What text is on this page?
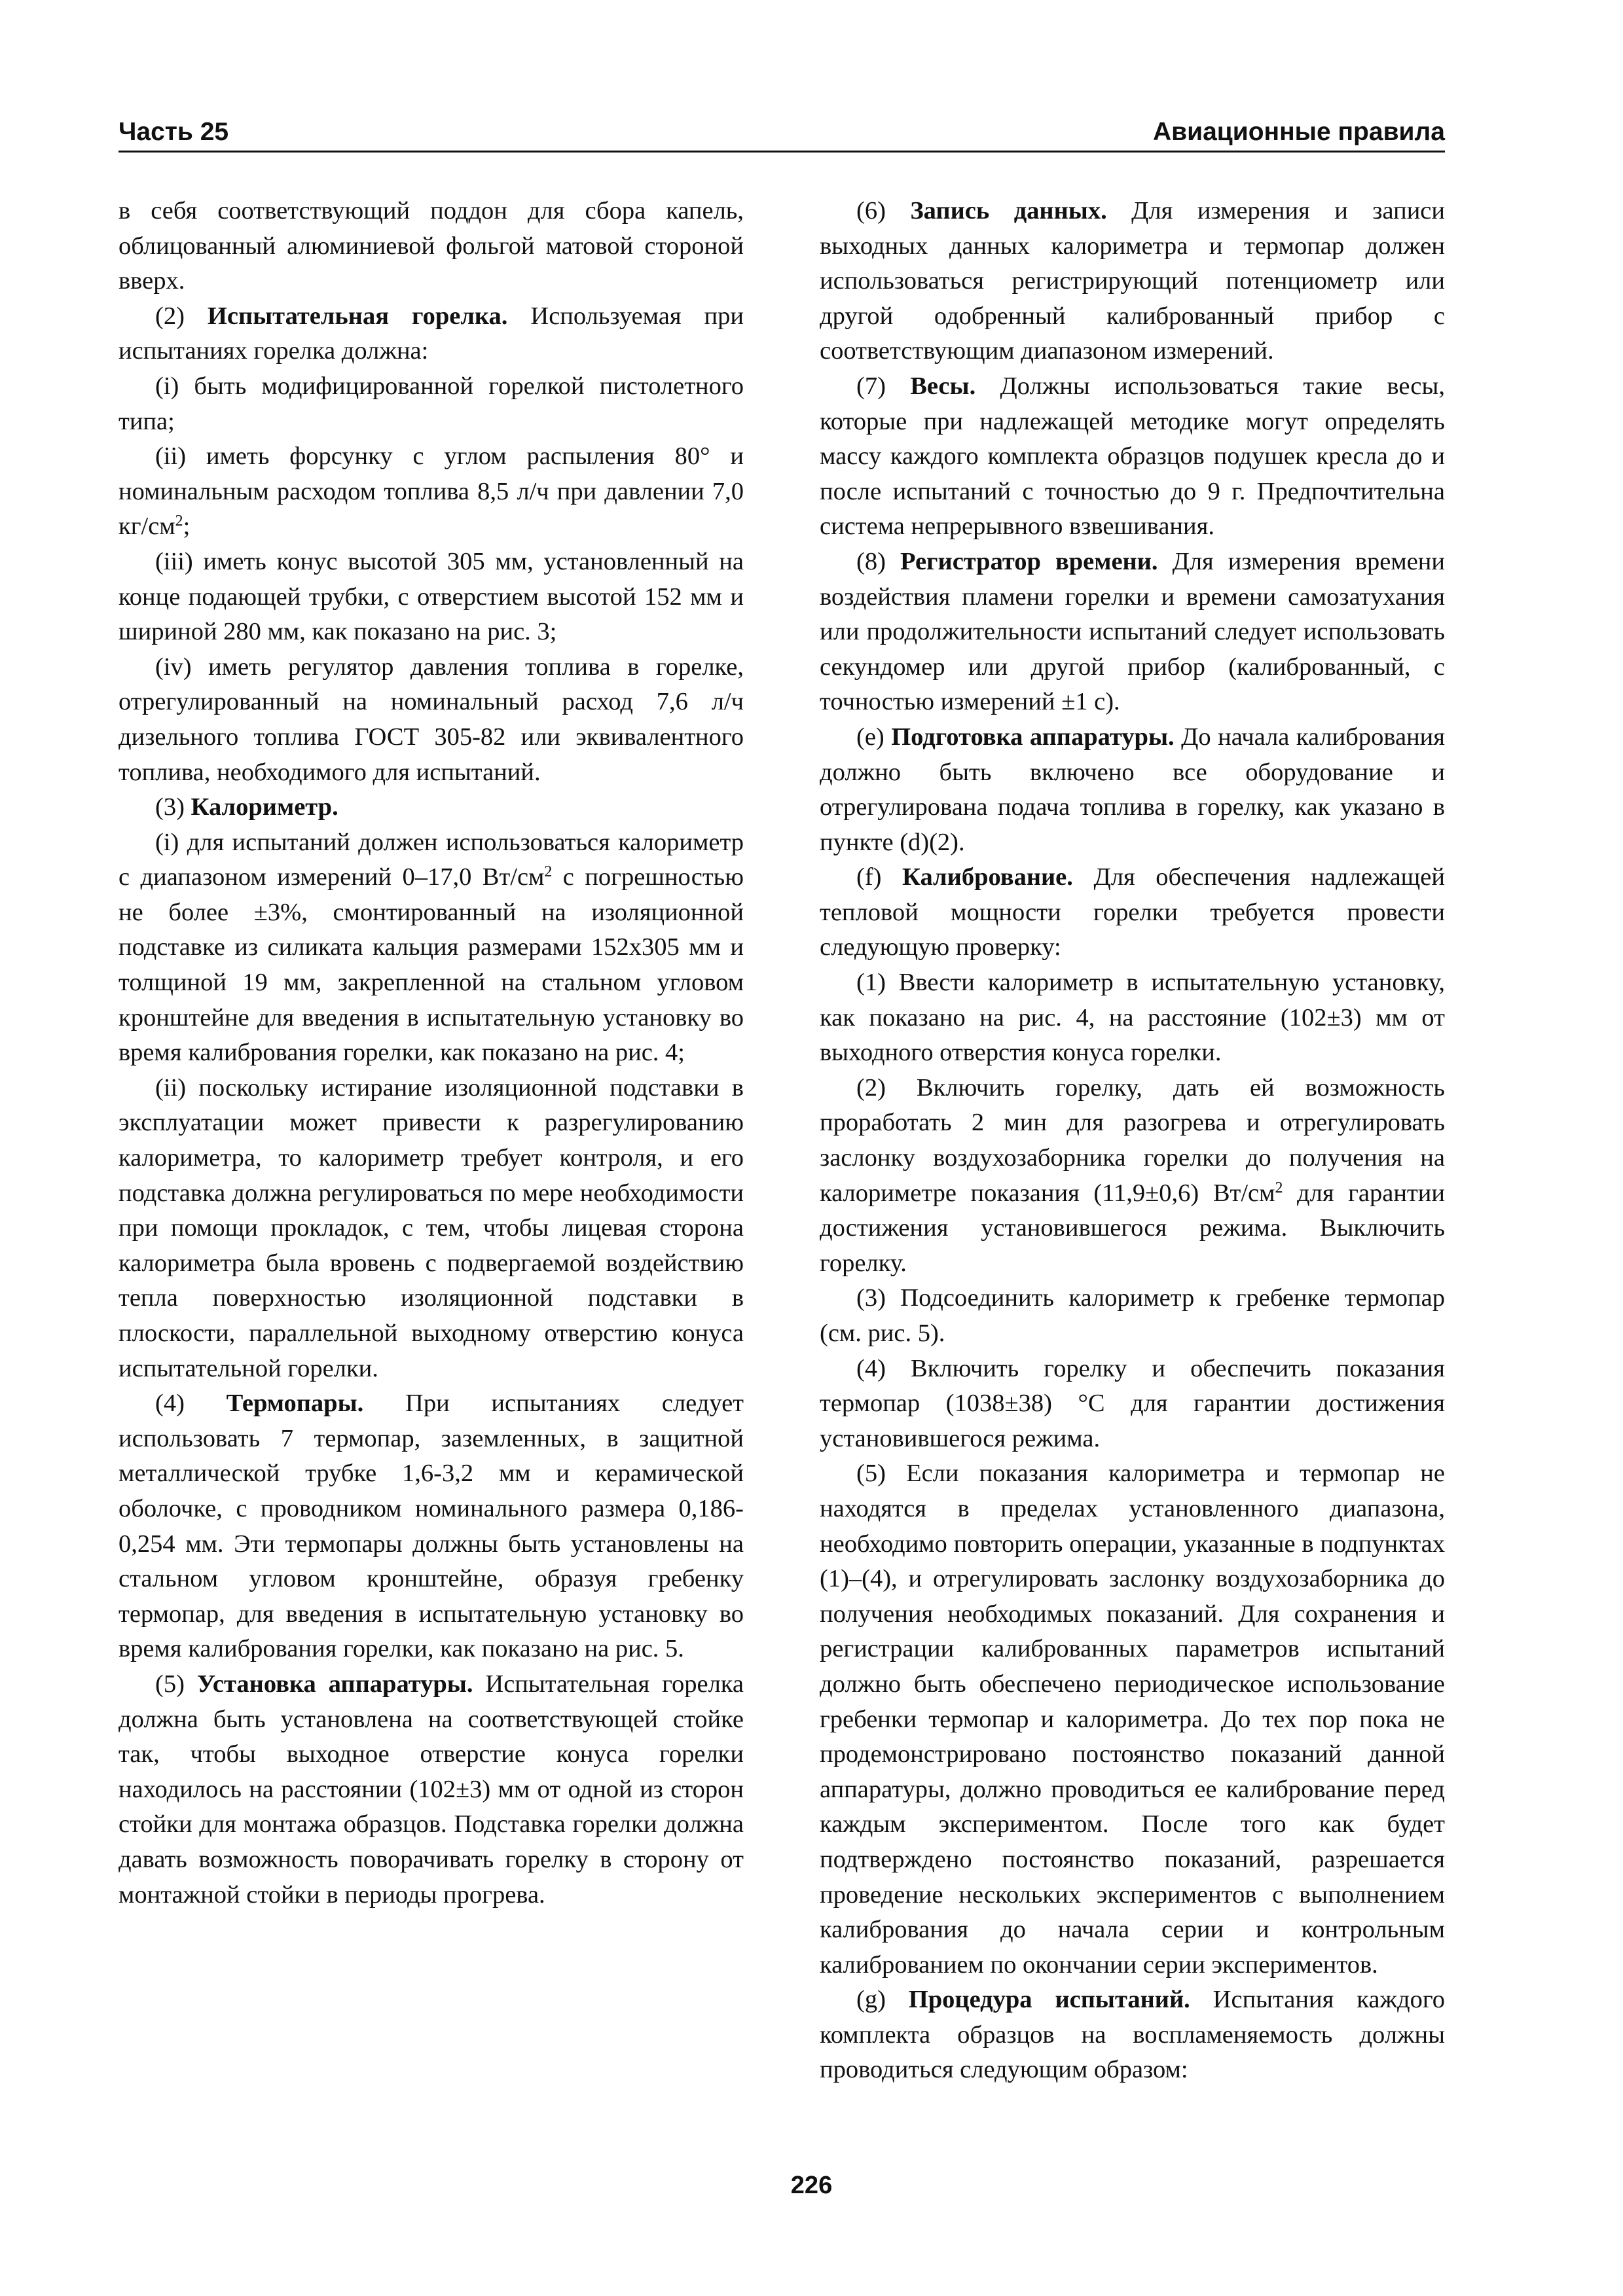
Часть 25	Авиационные правила

в себя соответствующий поддон для сбора капель, облицованный алюминиевой фольгой матовой стороной вверх.

(2) Испытательная горелка. Используемая при испытаниях горелка должна:

(i) быть модифицированной горелкой пистолетного типа;

(ii) иметь форсунку с углом распыления 80° и номинальным расходом топлива 8,5 л/ч при давлении 7,0 $кг/см^2$;

(iii) иметь конус высотой 305 мм, установленный на конце подающей трубки, с отверстием высотой 152 мм и шириной 280 мм, как показано на рис. 3;

(iv) иметь регулятор давления топлива в горелке, отрегулированный на номинальный расход 7,6 л/ч дизельного топлива ГОСТ 305-82 или эквивалентного топлива, необходимого для испытаний.

(3) Калориметр.

(i) для испытаний должен использоваться калориметр с диапазоном измерений 0–17,0 $Вт/см^2$ с погрешностью не более ±3%, смонтированный на изоляционной подставке из силиката кальция размерами 152х305 мм и толщиной 19 мм, закрепленной на стальном угловом кронштейне для введения в испытательную установку во время калибрования горелки, как показано на рис. 4;

(ii) поскольку истирание изоляционной подставки в эксплуатации может привести к разрегулированию калориметра, то калориметр требует контроля, и его подставка должна регулироваться по мере необходимости при помощи прокладок, с тем, чтобы лицевая сторона калориметра была вровень с подвергаемой воздействию тепла поверхностью изоляционной подставки в плоскости, параллельной выходному отверстию конуса испытательной горелки.

(4) Термопары. При испытаниях следует использовать 7 термопар, заземленных, в защитной металлической трубке 1,6-3,2 мм и керамической оболочке, с проводником номинального размера 0,186-0,254 мм. Эти термопары должны быть установлены на стальном угловом кронштейне, образуя гребенку термопар, для введения в испытательную установку во время калибрования горелки, как показано на рис. 5.

(5) Установка аппаратуры. Испытательная горелка должна быть установлена на соответствующей стойке так, чтобы выходное отверстие конуса горелки находилось на расстоянии (102±3) мм от одной из сторон стойки для монтажа образцов. Подставка горелки должна давать возможность поворачивать горелку в сторону от монтажной стойки в периоды прогрева.

(6) Запись данных. Для измерения и записи выходных данных калориметра и термопар должен использоваться регистрирующий потенциометр или другой одобренный калиброванный прибор с соответствующим диапазоном измерений.

(7) Весы. Должны использоваться такие весы, которые при надлежащей методике могут определять массу каждого комплекта образцов подушек кресла до и после испытаний с точностью до 9 г. Предпочтительна система непрерывного взвешивания.

(8) Регистратор времени. Для измерения времени воздействия пламени горелки и времени самозатухания или продолжительности испытаний следует использовать секундомер или другой прибор (калиброванный, с точностью измерений ±1 с).

(e) Подготовка аппаратуры. До начала калибрования должно быть включено все оборудование и отрегулирована подача топлива в горелку, как указано в пункте (d)(2).

(f) Калибрование. Для обеспечения надлежащей тепловой мощности горелки требуется провести следующую проверку:

(1) Ввести калориметр в испытательную установку, как показано на рис. 4, на расстояние (102±3) мм от выходного отверстия конуса горелки.

(2) Включить горелку, дать ей возможность проработать 2 мин для разогрева и отрегулировать заслонку воздухозаборника горелки до получения на калориметре показания (11,9±0,6) $Вт/см^2$ для гарантии достижения установившегося режима. Выключить горелку.

(3) Подсоединить калориметр к гребенке термопар (см. рис. 5).

(4) Включить горелку и обеспечить показания термопар (1038±38) °С для гарантии достижения установившегося режима.

(5) Если показания калориметра и термопар не находятся в пределах установленного диапазона, необходимо повторить операции, указанные в подпунктах (1)–(4), и отрегулировать заслонку воздухозаборника до получения необходимых показаний. Для сохранения и регистрации калиброванных параметров испытаний должно быть обеспечено периодическое использование гребенки термопар и калориметра. До тех пор пока не продемонстрировано постоянство показаний данной аппаратуры, должно проводиться ее калибрование перед каждым экспериментом. После того как будет подтверждено постоянство показаний, разрешается проведение нескольких экспериментов с выполнением калибрования до начала серии и контрольным калиброванием по окончании серии экспериментов.

(g) Процедура испытаний. Испытания каждого комплекта образцов на воспламеняемость должны проводиться следующим образом:

226
